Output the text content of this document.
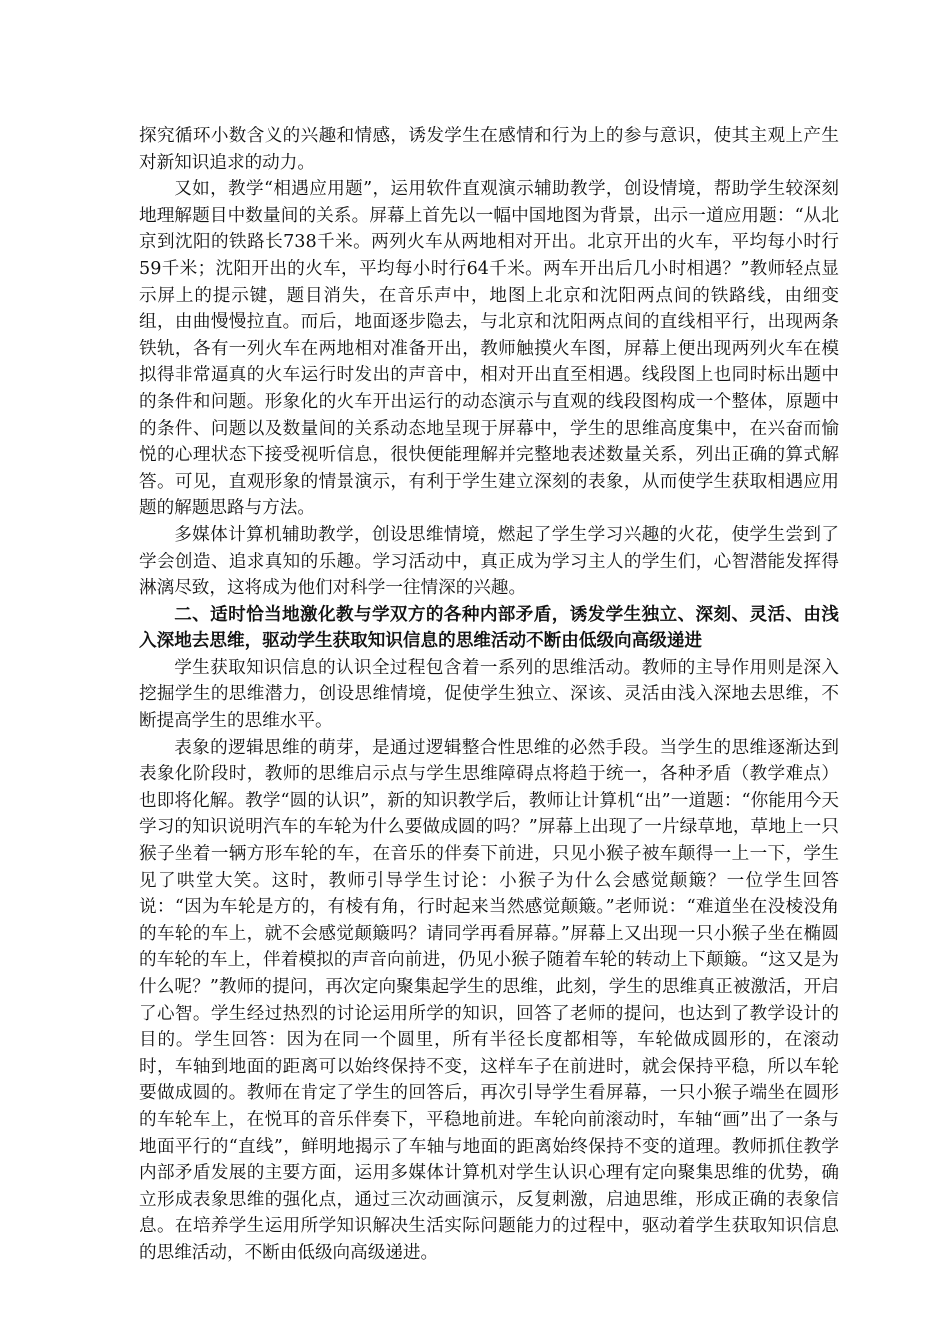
探究循环小数含义的兴趣和情感，诱发学生在感情和行为上的参与意识，使其主观上产生对新知识追求的动力。

又如，教学“相遇应用题”，运用软件直观演示辅助教学，创设情境，帮助学生较深刻地理解题目中数量间的关系。屏幕上首先以一幅中国地图为背景，出示一道应用题：“从北京到沈阳的铁路长738千米。两列火车从两地相对开出。北京开出的火车，平均每小时行59千米；沈阳开出的火车，平均每小时行64千米。两车开出后几小时相遇？”教师轻点显示屏上的提示键，题目消失，在音乐声中，地图上北京和沈阳两点间的铁路线，由细变组，由曲慢慢拉直。而后，地面逐步隐去，与北京和沈阳两点间的直线相平行，出现两条铁轨，各有一列火车在两地相对准备开出，教师触摸火车图，屏幕上便出现两列火车在模拟得非常逼真的火车运行时发出的声音中，相对开出直至相遇。线段图上也同时标出题中的条件和问题。形象化的火车开出运行的动态演示与直观的线段图构成一个整体，原题中的条件、问题以及数量间的关系动态地呈现于屏幕中，学生的思维高度集中，在兴奋而愉悦的心理状态下接受视听信息，很快便能理解并完整地表述数量关系，列出正确的算式解答。可见，直观形象的情景演示，有利于学生建立深刻的表象，从而使学生获取相遇应用题的解题思路与方法。

多媒体计算机辅助教学，创设思维情境，燃起了学生学习兴趣的火花，使学生尝到了学会创造、追求真知的乐趣。学习活动中，真正成为学习主人的学生们，心智潜能发挥得淋漓尽致，这将成为他们对科学一往情深的兴趣。

二、适时恰当地激化教与学双方的各种内部矛盾，诱发学生独立、深刻、灵活、由浅入深地去思维，驱动学生获取知识信息的思维活动不断由低级向高级递进

学生获取知识信息的认识全过程包含着一系列的思维活动。教师的主导作用则是深入挖掘学生的思维潜力，创设思维情境，促使学生独立、深该、灵活由浅入深地去思维，不断提高学生的思维水平。

表象的逻辑思维的萌芽，是通过逻辑整合性思维的必然手段。当学生的思维逐渐达到表象化阶段时，教师的思维启示点与学生思维障碍点将趋于统一，各种矛盾（教学难点）也即将化解。教学“圆的认识”，新的知识教学后，教师让计算机“出”一道题：“你能用今天学习的知识说明汽车的车轮为什么要做成圆的吗？”屏幕上出现了一片绿草地，草地上一只猴子坐着一辆方形车轮的车，在音乐的伴奏下前进，只见小猴子被车颠得一上一下，学生见了哄堂大笑。这时，教师引导学生讨论：小猴子为什么会感觉颠簸？一位学生回答说：“因为车轮是方的，有棱有角，行时起来当然感觉颠簸。”老师说：“难道坐在没棱没角的车轮的车上，就不会感觉颠簸吗？请同学再看屏幕。”屏幕上又出现一只小猴子坐在椭圆的车轮的车上，伴着模拟的声音向前进，仍见小猴子随着车轮的转动上下颠簸。“这又是为什么呢？”教师的提问，再次定向聚集起学生的思维，此刻，学生的思维真正被激活，开启了心智。学生经过热烈的讨论运用所学的知识，回答了老师的提问，也达到了教学设计的目的。学生回答：因为在同一个圆里，所有半径长度都相等，车轮做成圆形的，在滚动时，车轴到地面的距离可以始终保持不变，这样车子在前进时，就会保持平稳，所以车轮要做成圆的。教师在肯定了学生的回答后，再次引导学生看屏幕，一只小猴子端坐在圆形的车轮车上，在悦耳的音乐伴奏下，平稳地前进。车轮向前滚动时，车轴“画”出了一条与地面平行的“直线”，鲜明地揭示了车轴与地面的距离始终保持不变的道理。教师抓住教学内部矛盾发展的主要方面，运用多媒体计算机对学生认识心理有定向聚集思维的优势，确立形成表象思维的强化点，通过三次动画演示，反复刺激，启迪思维，形成正确的表象信息。在培养学生运用所学知识解决生活实际问题能力的过程中，驱动着学生获取知识信息的思维活动，不断由低级向高级递进。
